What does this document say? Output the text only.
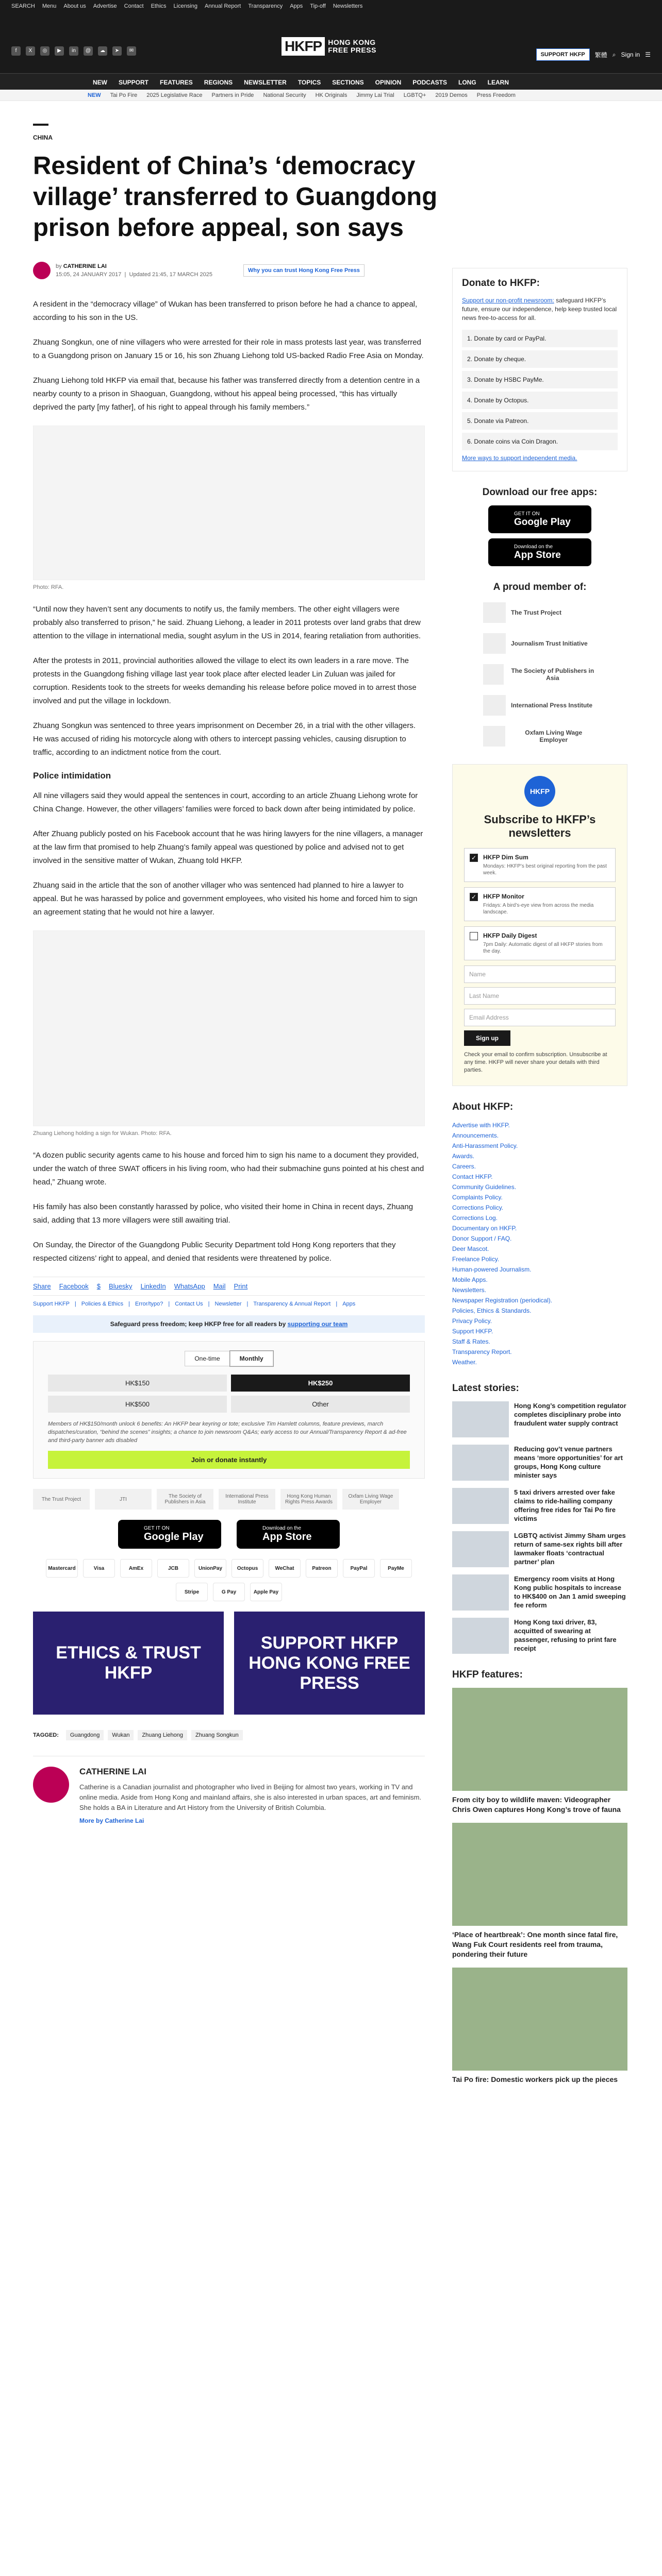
SEARCH Menu About us Advertise Contact Ethics Licensing Annual Report Transparency Apps Tip-off Newsletters
f	X	◎	▶	in	@	☁	➤	✉	HKFP HONG KONG
FREE PRESS
SUPPORT HKFP	繁體 ⌕ Sign in ☰
NEW SUPPORT FEATURES REGIONS NEWSLETTER TOPICS SECTIONS OPINION PODCASTS LONG LEARN
NEW Tai Po Fire 2025 Legislative Race Partners in Pride National Security HK Originals Jimmy Lai Trial LGBTQ+ 2019 Demos Press Freedom
CHINA
Resident of China’s ‘democracy village’ transferred to Guangdong prison before appeal, son says
by CATHERINE LAI
15:05, 24 JANUARY 2017  |  Updated 21:45, 17 MARCH 2025
Why you can trust Hong Kong Free Press

A resident in the “democracy village” of Wukan has been transferred to prison before he had a chance to appeal, according to his son in the US.

Zhuang Songkun, one of nine villagers who were arrested for their role in mass protests last year, was transferred to a Guangdong prison on January 15 or 16, his son Zhuang Liehong told US-backed Radio Free Asia on Monday.

Zhuang Liehong told HKFP via email that, because his father was transferred directly from a detention centre in a nearby county to a prison in Shaoguan, Guangdong, without his appeal being processed, “this has virtually deprived the party [my father], of his right to appeal through his family members.”

Photo: RFA.

“Until now they haven’t sent any documents to notify us, the family members. The other eight villagers were probably also transferred to prison,” he said. Zhuang Liehong, a leader in 2011 protests over land grabs that drew attention to the village in international media, sought asylum in the US in 2014, fearing retaliation from authorities.

After the protests in 2011, provincial authorities allowed the village to elect its own leaders in a rare move. The protests in the Guangdong fishing village last year took place after elected leader Lin Zuluan was jailed for corruption. Residents took to the streets for weeks demanding his release before police moved in to arrest those involved and put the village in lockdown.

Zhuang Songkun was sentenced to three years imprisonment on December 26, in a trial with the other villagers. He was accused of riding his motorcycle along with others to intercept passing vehicles, causing disruption to traffic, according to an indictment notice from the court.

Police intimidation

All nine villagers said they would appeal the sentences in court, according to an article Zhuang Liehong wrote for China Change. However, the other villagers’ families were forced to back down after being intimidated by police.

After Zhuang publicly posted on his Facebook account that he was hiring lawyers for the nine villagers, a manager at the law firm that promised to help Zhuang’s family appeal was questioned by police and advised not to get involved in the sensitive matter of Wukan, Zhuang told HKFP.

Zhuang said in the article that the son of another villager who was sentenced had planned to hire a lawyer to appeal. But he was harassed by police and government employees, who visited his home and forced him to sign an agreement stating that he would not hire a lawyer.

Zhuang Liehong holding a sign for Wukan. Photo: RFA.

“A dozen public security agents came to his house and forced him to sign his name to a document they provided, under the watch of three SWAT officers in his living room, who had their submachine guns pointed at his chest and head,” Zhuang wrote.

His family has also been constantly harassed by police, who visited their home in China in recent days, Zhuang said, adding that 13 more villagers were still awaiting trial.

On Sunday, the Director of the Guangdong Public Security Department told Hong Kong reporters that they respected citizens’ right to appeal, and denied that residents were threatened by police.

Share Facebook $ Bluesky LinkedIn WhatsApp Mail Print
Support HKFP | Policies & Ethics | Error/typo? | Contact Us | Newsletter | Transparency & Annual Report | Apps
Safeguard press freedom; keep HKFP free for all readers by supporting our team
One-time	Monthly
HK$150	HK$250
HK$500	Other

Members of HK$150/month unlock 6 benefits: An HKFP bear keyring or tote; exclusive Tim Hamlett columns, feature previews, march dispatches/curation, “behind the scenes” insights; a chance to join newsroom Q&As; early access to our Annual/Transparency Report & ad-free and third-party banner ads disabled

Join or donate instantly
The Trust Project	JTI	The Society of Publishers in Asia
International Press Institute
Hong Kong Human Rights Press Awards
Oxfam Living Wage Employer
GET IT ON
Google Play
Download on the
App Store
Mastercard	Visa	AmEx	JCB	UnionPay	Octopus	WeChat	Patreon	PayPal	PayMe
Stripe	G Pay	Apple Pay
ETHICS & TRUST HKFP
SUPPORT HKFP HONG KONG FREE PRESS
TAGGED:	Guangdong	Wukan	Zhuang Liehong	Zhuang Songkun
CATHERINE LAI

Catherine is a Canadian journalist and photographer who lived in Beijing for almost two years, working in TV and online media. Aside from Hong Kong and mainland affairs, she is also interested in urban spaces, art and feminism. She holds a BA in Literature and Art History from the University of British Columbia.

More by Catherine Lai
Donate to HKFP:

Support our non-profit newsroom: safeguard HKFP’s future, ensure our independence, help keep trusted local news free-to-access for all.

1. Donate by card or PayPal.
2. Donate by cheque.
3. Donate by HSBC PayMe.
4. Donate by Octopus.
5. Donate via Patreon.
6. Donate coins via Coin Dragon.
More ways to support independent media.
Download our free apps:
GET IT ON
Google Play
Download on the
App Store
A proud member of:
The Trust Project
Journalism Trust Initiative
The Society of Publishers in Asia
International Press Institute
Oxfam Living Wage Employer
HKFP
Subscribe to HKFP’s newsletters
✓ HKFP Dim Sum
Mondays: HKFP’s best original reporting from the past week.
✓ HKFP Monitor
Fridays: A bird’s-eye view from across the media landscape.
HKFP Daily Digest
7pm Daily: Automatic digest of all HKFP stories from the day.
Name
Last Name
Email Address
Sign up

Check your email to confirm subscription. Unsubscribe at any time. HKFP will never share your details with third parties.

About HKFP:
Advertise with HKFP.
Announcements.
Anti-Harassment Policy.
Awards.
Careers.
Contact HKFP.
Community Guidelines.
Complaints Policy.
Corrections Policy.
Corrections Log.
Documentary on HKFP.
Donor Support / FAQ.
Deer Mascot.
Freelance Policy.
Human-powered Journalism.
Mobile Apps.
Newsletters.
Newspaper Registration (periodical).
Policies, Ethics & Standards.
Privacy Policy.
Support HKFP.
Staff & Rates.
Transparency Report.
Weather.
Latest stories:
Hong Kong’s competition regulator completes disciplinary probe into fraudulent water supply contract
Reducing gov’t venue partners means ‘more opportunities’ for art groups, Hong Kong culture minister says
5 taxi drivers arrested over fake claims to ride-hailing company offering free rides for Tai Po fire victims
LGBTQ activist Jimmy Sham urges return of same-sex rights bill after lawmaker floats ‘contractual partner’ plan
Emergency room visits at Hong Kong public hospitals to increase to HK$400 on Jan 1 amid sweeping fee reform
Hong Kong taxi driver, 83, acquitted of swearing at passenger, refusing to print fare receipt
HKFP features:
From city boy to wildlife maven: Videographer Chris Owen captures Hong Kong’s trove of fauna
‘Place of heartbreak’: One month since fatal fire, Wang Fuk Court residents reel from trauma, pondering their future
Tai Po fire: Domestic workers pick up the pieces
